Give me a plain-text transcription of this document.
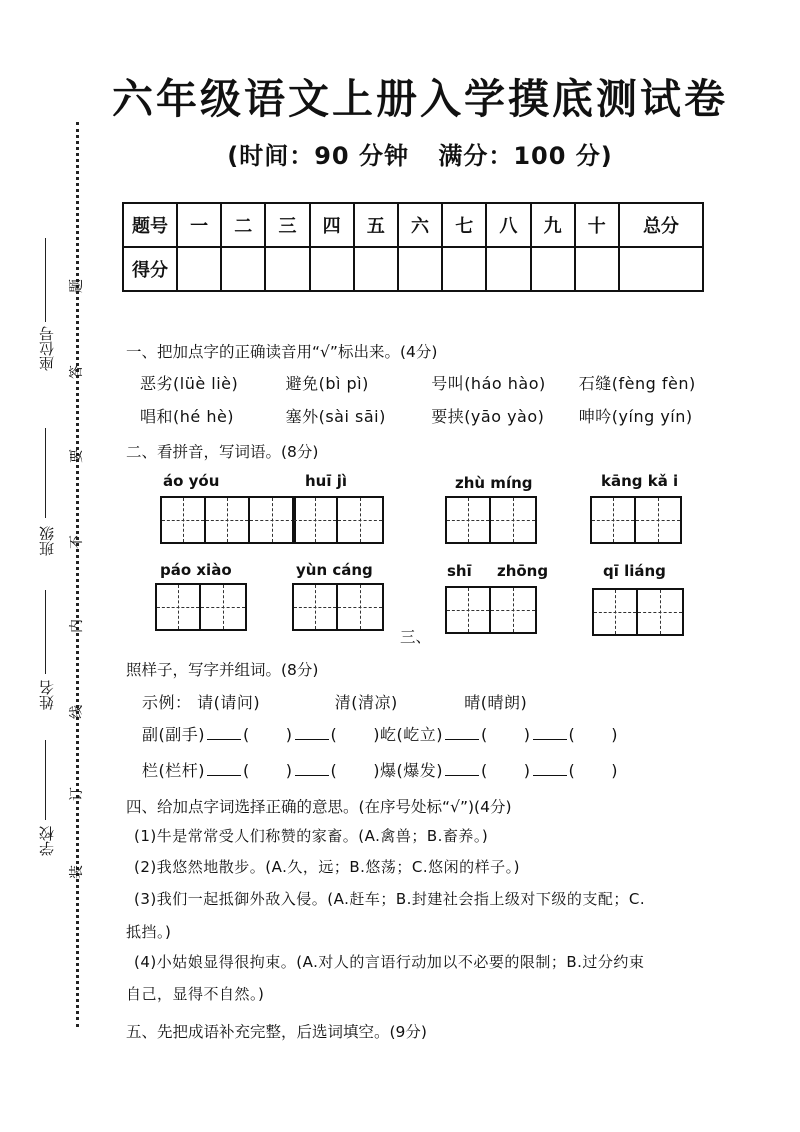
六年级语文上册入学摸底测试卷
(时间：90 分钟 满分：100 分)
题号	一	二	三	四	五	六	七	八	九	十	总分
得分											
座位号
班级
姓名
学校
题
答
要
不
内
线
订
装
一、把加点字的正确读音用“√”标出来。(4分)
恶劣(lüè liè)	避免(bì pì)	号叫(háo hào) 石缝(fèng fèn)
唱和(hé hè)	塞外(sài sāi)	要挟(yāo yào) 呻吟(yíng yín)
二、看拼音，写词语。(8分)
áo yóu	huī jì	zhù míng	kāng kǎ i
páo xiào	yùn cáng	shī zhōng	qī liáng
三、
照样子，写字并组词。(8分)
示例： 请(请问)	清(清凉)	晴(晴朗)
副(副手) ( ) ( )屹(屹立) ( ) ( )
栏(栏杆) ( ) ( )爆(爆发) ( ) ( )
四、给加点字词选择正确的意思。(在序号处标“√”)(4分)
(1)牛是常常受人们称赞的家畜。(A.禽兽；B.畜养。)
(2)我悠然地散步。(A.久，远；B.悠荡；C.悠闲的样子。)
(3)我们一起抵御外敌入侵。(A.赶车；B.封建社会指上级对下级的支配；C.
抵挡。)
(4)小姑娘显得很拘束。(A.对人的言语行动加以不必要的限制；B.过分约束
自己，显得不自然。)
五、先把成语补充完整，后选词填空。(9分)
